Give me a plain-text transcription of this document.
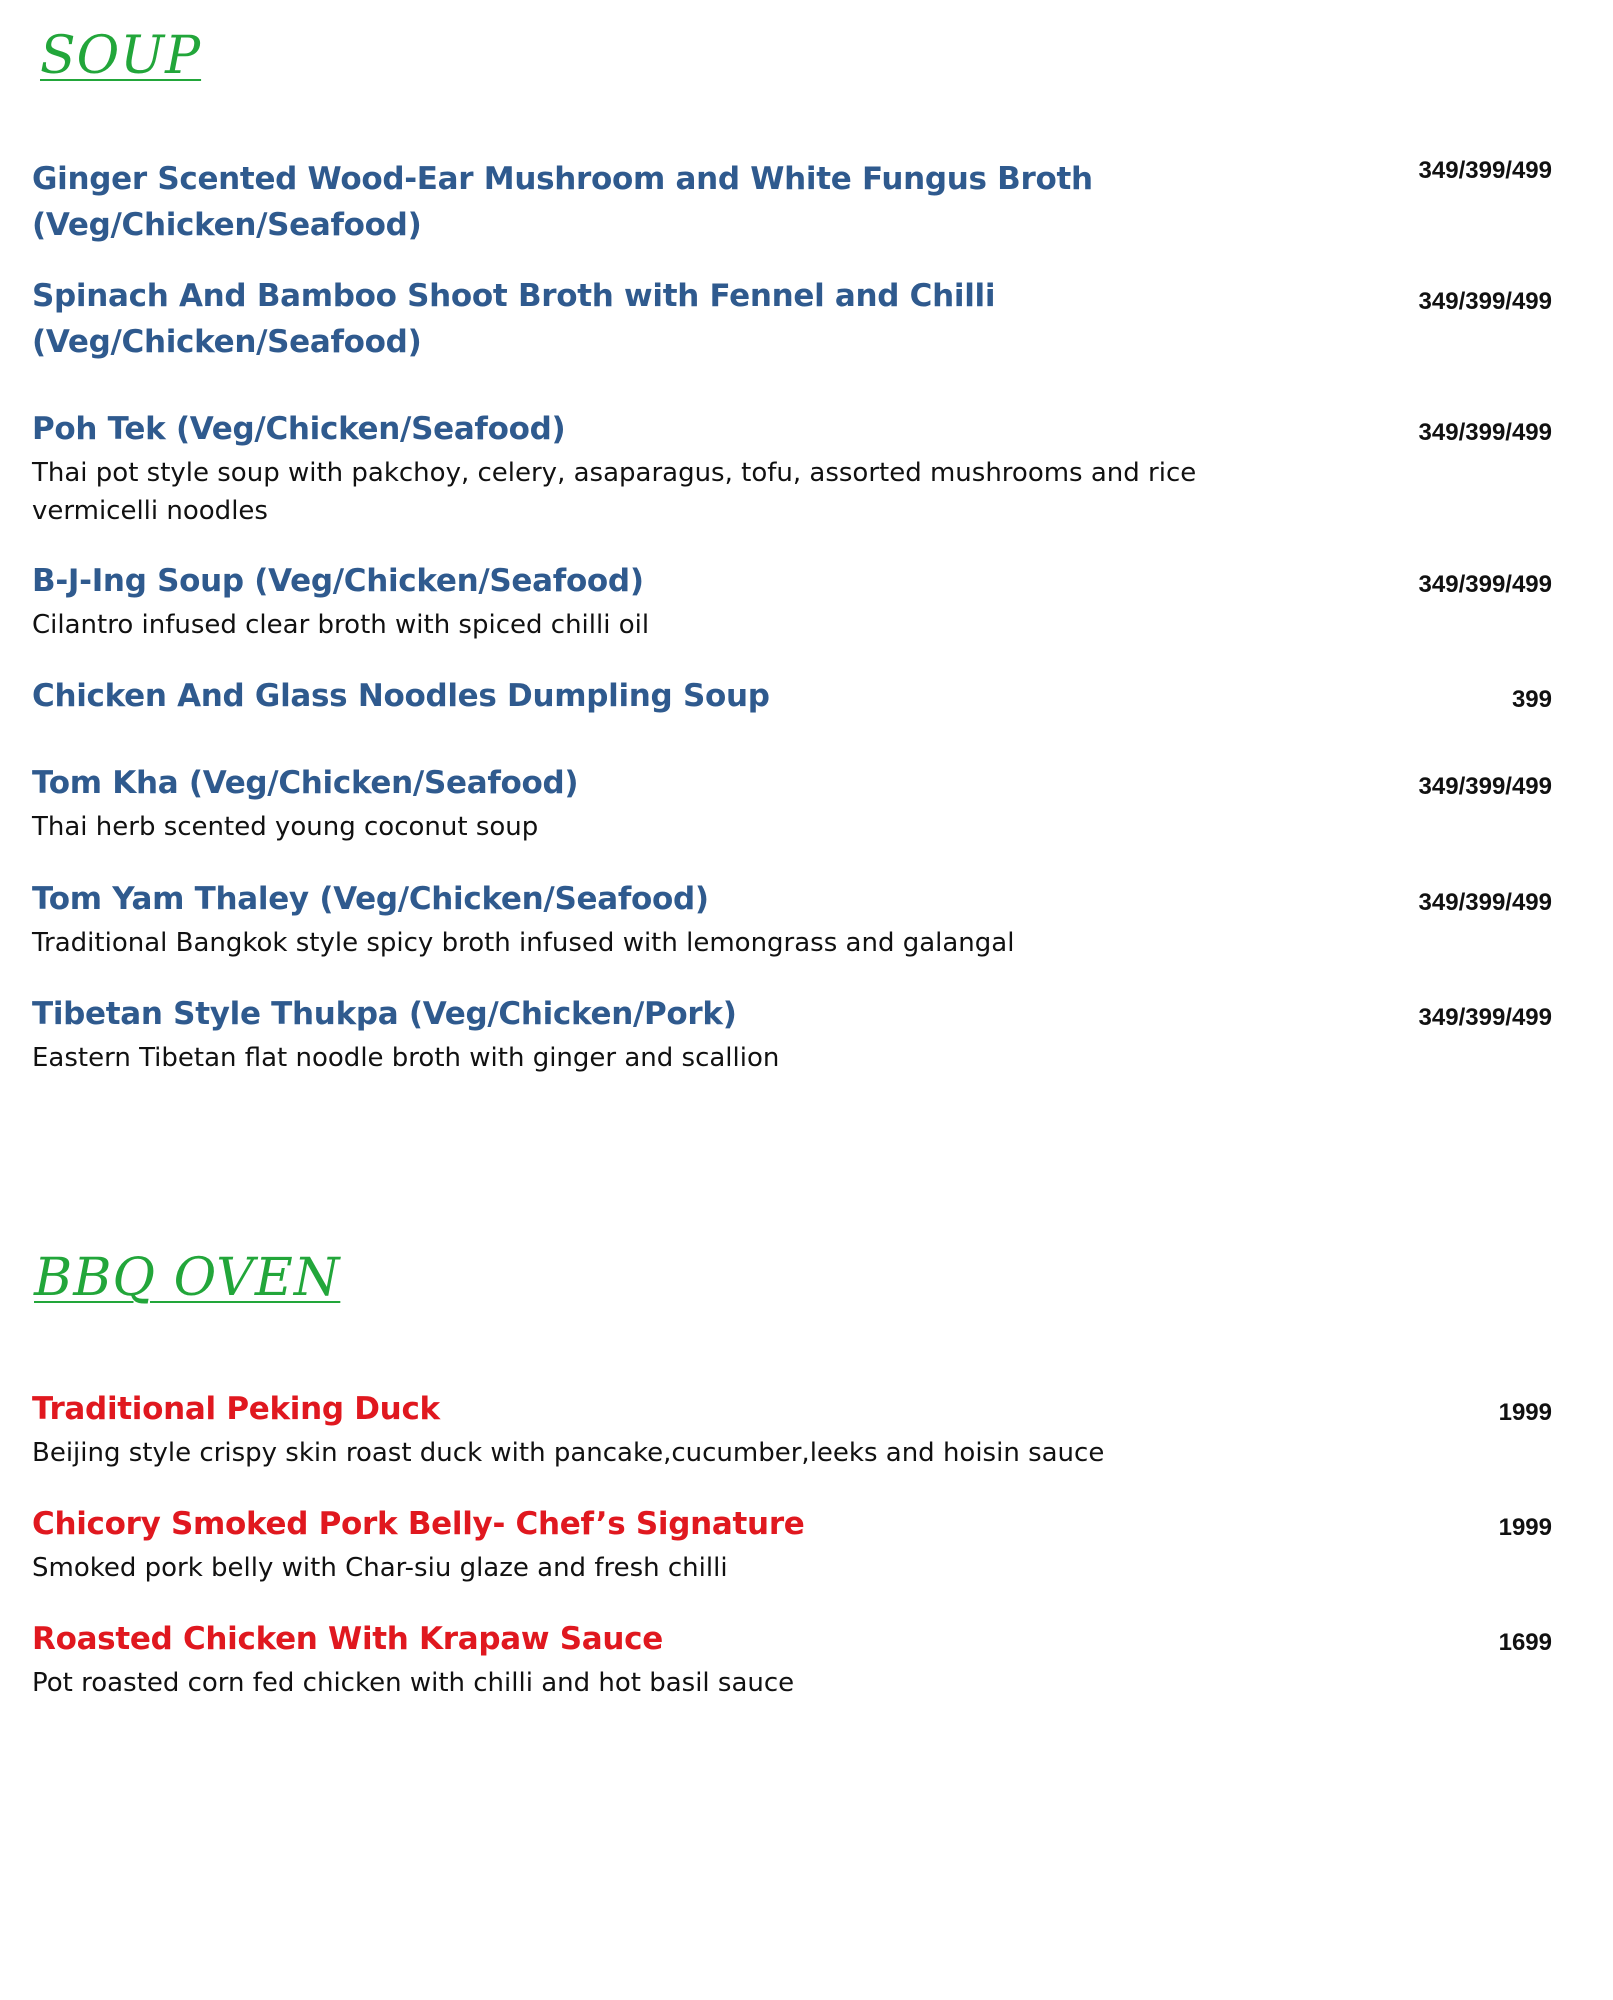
SOUP
Ginger Scented Wood-Ear Mushroom and White Fungus Broth (Veg/Chicken/Seafood)
349/399/499
Spinach And Bamboo Shoot Broth with Fennel and Chilli (Veg/Chicken/Seafood)
349/399/499
Poh Tek (Veg/Chicken/Seafood)
Thai pot style soup with pakchoy, celery, asaparagus, tofu, assorted mushrooms and rice vermicelli noodles
349/399/499
B-J-Ing Soup (Veg/Chicken/Seafood)
Cilantro infused clear broth with spiced chilli oil
349/399/499
Chicken And Glass Noodles Dumpling Soup	399
Tom Kha (Veg/Chicken/Seafood)
Thai herb scented young coconut soup
349/399/499
Tom Yam Thaley (Veg/Chicken/Seafood)
Traditional Bangkok style spicy broth infused with lemongrass and galangal
349/399/499
Tibetan Style Thukpa (Veg/Chicken/Pork)
Eastern Tibetan flat noodle broth with ginger and scallion
349/399/499
BBQ OVEN
Traditional Peking Duck
Beijing style crispy skin roast duck with pancake,cucumber,leeks and hoisin sauce
1999
Chicory Smoked Pork Belly- Chef’s Signature
Smoked pork belly with Char-siu glaze and fresh chilli
1999
Roasted Chicken With Krapaw Sauce
Pot roasted corn fed chicken with chilli and hot basil sauce
1699
